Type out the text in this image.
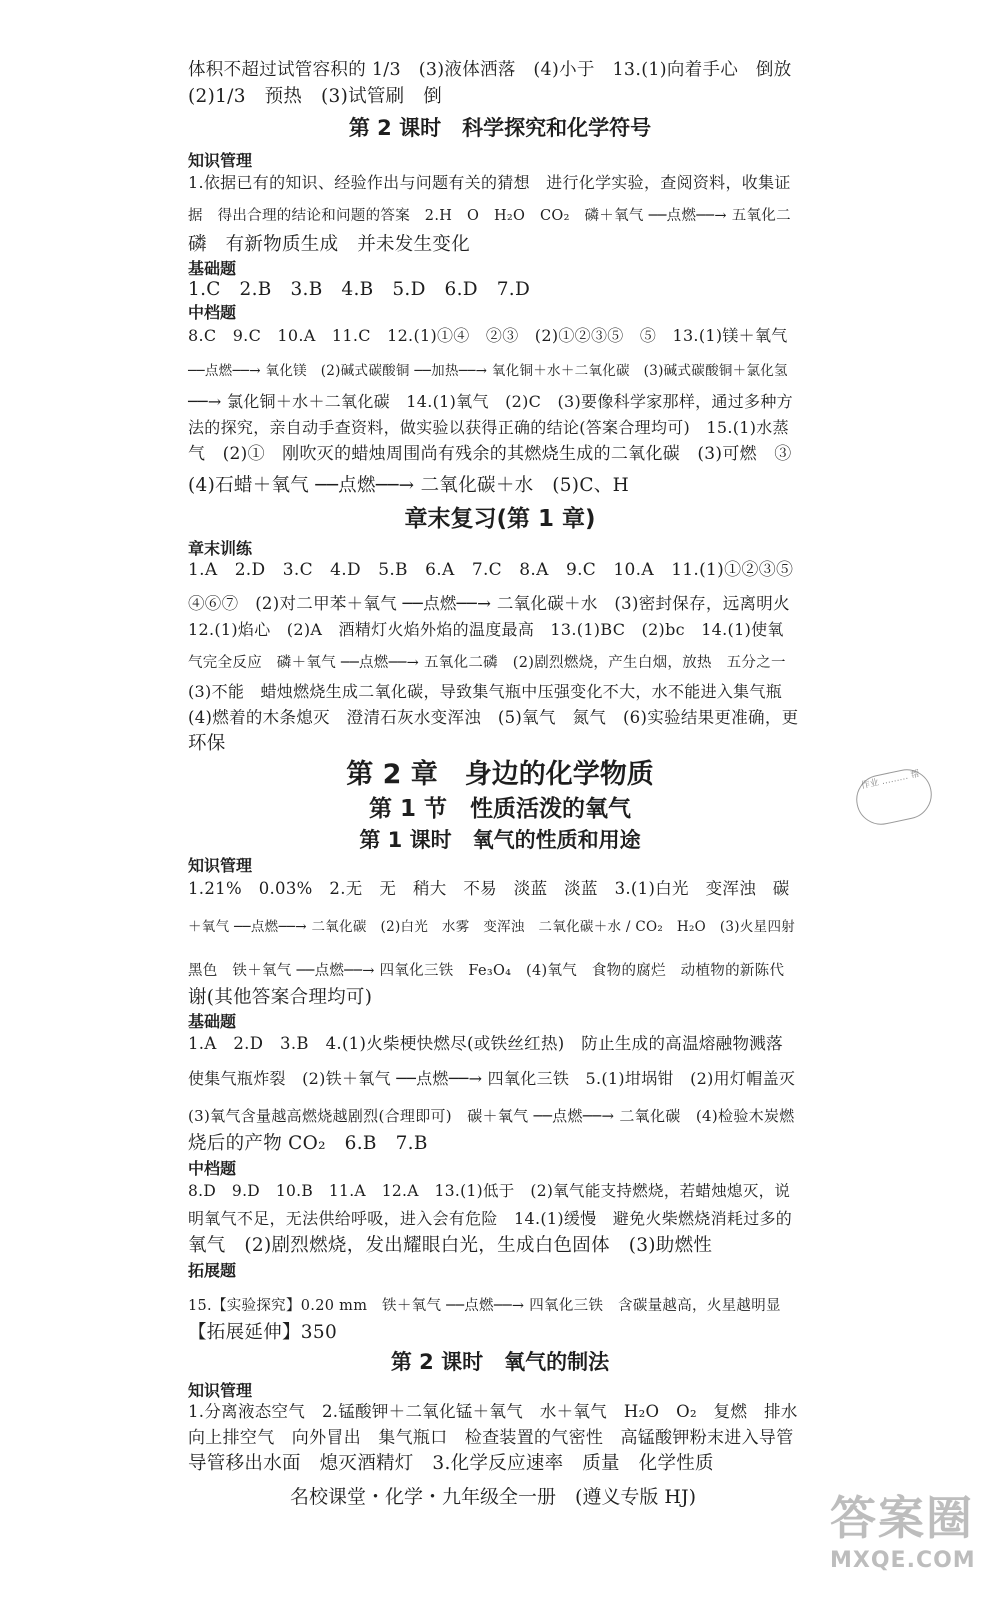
体积不超过试管容积的 1/3　(3)液体洒落　(4)小于　13.(1)向着手心　倒放
(2)1/3　预热　(3)试管刷　倒
第 2 课时　科学探究和化学符号
知识管理
1.依据已有的知识、经验作出与问题有关的猜想　进行化学实验，查阅资料，收集证
据　得出合理的结论和问题的答案　2.H　O　H₂O　CO₂　磷＋氧气 ──点燃──→ 五氧化二
磷　有新物质生成　并未发生变化
基础题
1.C　2.B　3.B　4.B　5.D　6.D　7.D
中档题
8.C　9.C　10.A　11.C　12.(1)①④　②③　(2)①②③⑤　⑤　13.(1)镁＋氧气
──点燃──→ 氧化镁　(2)碱式碳酸铜 ──加热──→ 氧化铜＋水＋二氧化碳　(3)碱式碳酸铜＋氯化氢
──→ 氯化铜＋水＋二氧化碳　14.(1)氧气　(2)C　(3)要像科学家那样，通过多种方
法的探究，亲自动手查资料，做实验以获得正确的结论(答案合理均可)　15.(1)水蒸
气　(2)①　刚吹灭的蜡烛周围尚有残余的其燃烧生成的二氧化碳　(3)可燃　③
(4)石蜡＋氧气 ──点燃──→ 二氧化碳＋水　(5)C、H
章末复习(第 1 章)
章末训练
1.A　2.D　3.C　4.D　5.B　6.A　7.C　8.A　9.C　10.A　11.(1)①②③⑤
④⑥⑦　(2)对二甲苯＋氧气 ──点燃──→ 二氧化碳＋水　(3)密封保存，远离明火
12.(1)焰心　(2)A　酒精灯火焰外焰的温度最高　13.(1)BC　(2)bc　14.(1)使氧
气完全反应　磷＋氧气 ──点燃──→ 五氧化二磷　(2)剧烈燃烧，产生白烟，放热　五分之一
(3)不能　蜡烛燃烧生成二氧化碳，导致集气瓶中压强变化不大，水不能进入集气瓶
(4)燃着的木条熄灭　澄清石灰水变浑浊　(5)氧气　氮气　(6)实验结果更准确，更
环保
第 2 章　身边的化学物质
第 1 节　性质活泼的氧气
第 1 课时　氧气的性质和用途
知识管理
1.21%　0.03%　2.无　无　稍大　不易　淡蓝　淡蓝　3.(1)白光　变浑浊　碳
＋氧气 ──点燃──→ 二氧化碳　(2)白光　水雾　变浑浊　二氧化碳＋水 / CO₂　H₂O　(3)火星四射
黑色　铁＋氧气 ──点燃──→ 四氧化三铁　Fe₃O₄　(4)氧气　食物的腐烂　动植物的新陈代
谢(其他答案合理均可)
基础题
1.A　2.D　3.B　4.(1)火柴梗快燃尽(或铁丝红热)　防止生成的高温熔融物溅落
使集气瓶炸裂　(2)铁＋氧气 ──点燃──→ 四氧化三铁　5.(1)坩埚钳　(2)用灯帽盖灭
(3)氧气含量越高燃烧越剧烈(合理即可)　碳＋氧气 ──点燃──→ 二氧化碳　(4)检验木炭燃
烧后的产物 CO₂　6.B　7.B
中档题
8.D　9.D　10.B　11.A　12.A　13.(1)低于　(2)氧气能支持燃烧，若蜡烛熄灭，说
明氧气不足，无法供给呼吸，进入会有危险　14.(1)缓慢　避免火柴燃烧消耗过多的
氧气　(2)剧烈燃烧，发出耀眼白光，生成白色固体　(3)助燃性
拓展题
15.【实验探究】0.20 mm　铁＋氧气 ──点燃──→ 四氧化三铁　含碳量越高，火星越明显
【拓展延伸】350
第 2 课时　氧气的制法
知识管理
1.分离液态空气　2.锰酸钾＋二氧化锰＋氧气　水＋氧气　H₂O　O₂　复燃　排水
向上排空气　向外冒出　集气瓶口　检查装置的气密性　高锰酸钾粉末进入导管
导管移出水面　熄灭酒精灯　3.化学反应速率　质量　化学性质
名校课堂・化学・九年级全一册　(遵义专版 HJ)
作业 ……… 帮
答案圈
MXQE.COM
